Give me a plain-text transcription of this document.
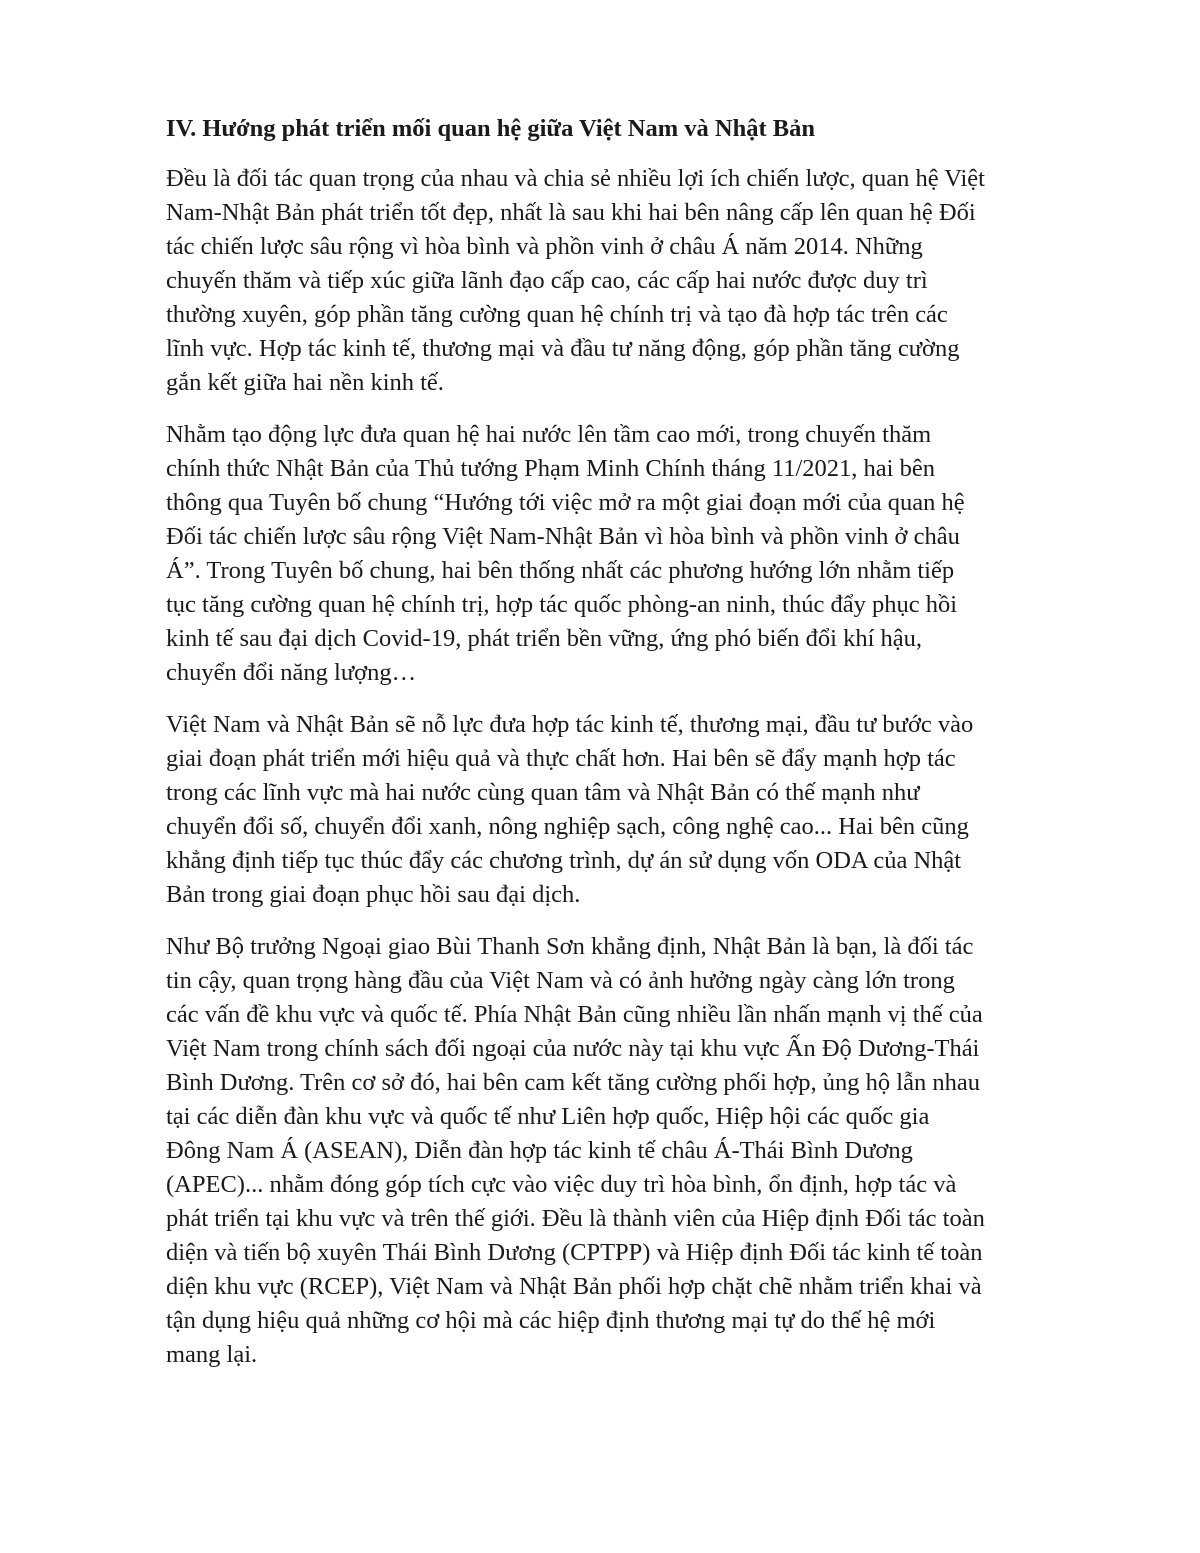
IV. Hướng phát triển mối quan hệ giữa Việt Nam và Nhật Bản

Đều là đối tác quan trọng của nhau và chia sẻ nhiều lợi ích chiến lược, quan hệ Việt
Nam-Nhật Bản phát triển tốt đẹp, nhất là sau khi hai bên nâng cấp lên quan hệ Đối
tác chiến lược sâu rộng vì hòa bình và phồn vinh ở châu Á năm 2014. Những
chuyến thăm và tiếp xúc giữa lãnh đạo cấp cao, các cấp hai nước được duy trì
thường xuyên, góp phần tăng cường quan hệ chính trị và tạo đà hợp tác trên các
lĩnh vực. Hợp tác kinh tế, thương mại và đầu tư năng động, góp phần tăng cường
gắn kết giữa hai nền kinh tế.

Nhằm tạo động lực đưa quan hệ hai nước lên tầm cao mới, trong chuyến thăm
chính thức Nhật Bản của Thủ tướng Phạm Minh Chính tháng 11/2021, hai bên
thông qua Tuyên bố chung “Hướng tới việc mở ra một giai đoạn mới của quan hệ
Đối tác chiến lược sâu rộng Việt Nam-Nhật Bản vì hòa bình và phồn vinh ở châu
Á”. Trong Tuyên bố chung, hai bên thống nhất các phương hướng lớn nhằm tiếp
tục tăng cường quan hệ chính trị, hợp tác quốc phòng-an ninh, thúc đẩy phục hồi
kinh tế sau đại dịch Covid-19, phát triển bền vững, ứng phó biến đổi khí hậu,
chuyển đổi năng lượng…

Việt Nam và Nhật Bản sẽ nỗ lực đưa hợp tác kinh tế, thương mại, đầu tư bước vào
giai đoạn phát triển mới hiệu quả và thực chất hơn. Hai bên sẽ đẩy mạnh hợp tác
trong các lĩnh vực mà hai nước cùng quan tâm và Nhật Bản có thế mạnh như
chuyển đổi số, chuyển đổi xanh, nông nghiệp sạch, công nghệ cao... Hai bên cũng
khẳng định tiếp tục thúc đẩy các chương trình, dự án sử dụng vốn ODA của Nhật
Bản trong giai đoạn phục hồi sau đại dịch.

Như Bộ trưởng Ngoại giao Bùi Thanh Sơn khẳng định, Nhật Bản là bạn, là đối tác
tin cậy, quan trọng hàng đầu của Việt Nam và có ảnh hưởng ngày càng lớn trong
các vấn đề khu vực và quốc tế. Phía Nhật Bản cũng nhiều lần nhấn mạnh vị thế của
Việt Nam trong chính sách đối ngoại của nước này tại khu vực Ấn Độ Dương-Thái
Bình Dương. Trên cơ sở đó, hai bên cam kết tăng cường phối hợp, ủng hộ lẫn nhau
tại các diễn đàn khu vực và quốc tế như Liên hợp quốc, Hiệp hội các quốc gia
Đông Nam Á (ASEAN), Diễn đàn hợp tác kinh tế châu Á-Thái Bình Dương
(APEC)... nhằm đóng góp tích cực vào việc duy trì hòa bình, ổn định, hợp tác và
phát triển tại khu vực và trên thế giới. Đều là thành viên của Hiệp định Đối tác toàn
diện và tiến bộ xuyên Thái Bình Dương (CPTPP) và Hiệp định Đối tác kinh tế toàn
diện khu vực (RCEP), Việt Nam và Nhật Bản phối hợp chặt chẽ nhằm triển khai và
tận dụng hiệu quả những cơ hội mà các hiệp định thương mại tự do thế hệ mới
mang lại.
